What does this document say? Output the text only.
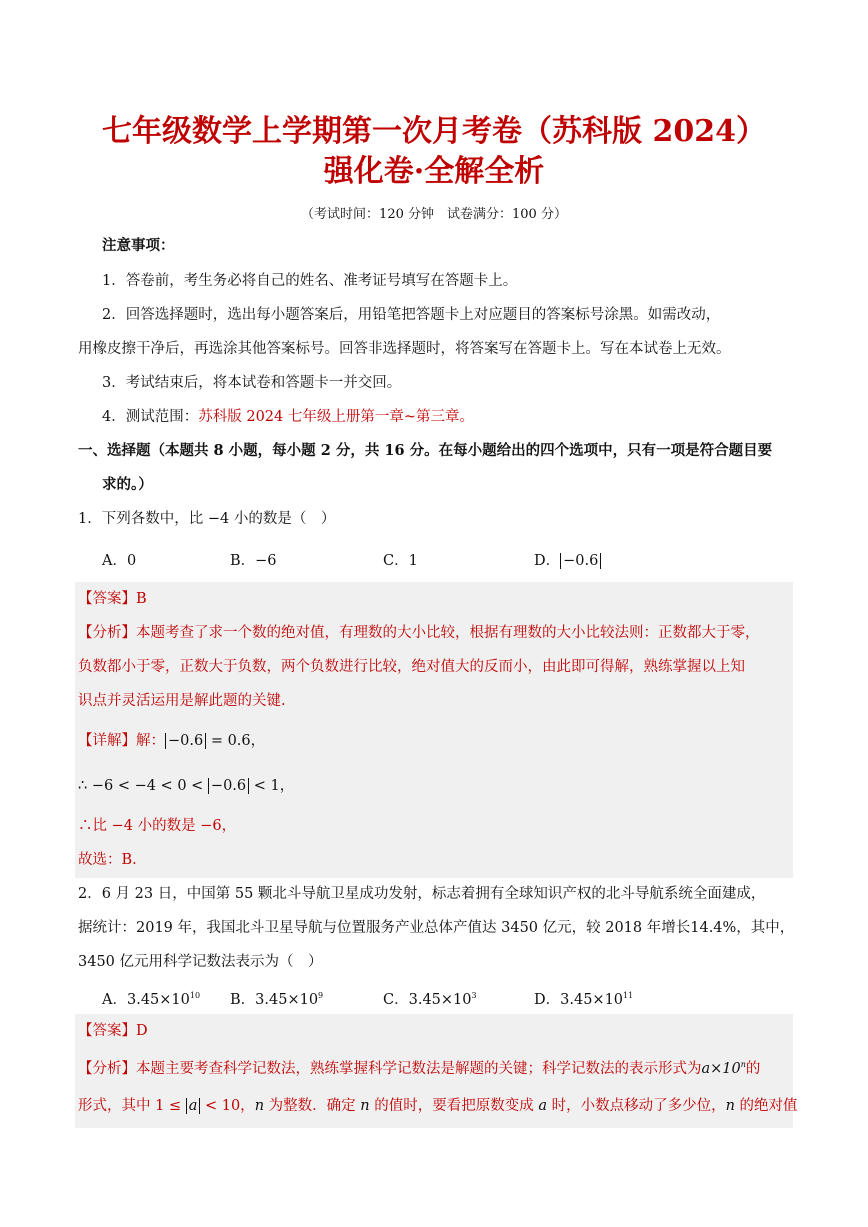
七年级数学上学期第一次月考卷（苏科版 2024）
强化卷·全解全析
（考试时间：120 分钟　试卷满分：100 分）
注意事项：
1．答卷前，考生务必将自己的姓名、准考证号填写在答题卡上。
2．回答选择题时，选出每小题答案后，用铅笔把答题卡上对应题目的答案标号涂黑。如需改动，
用橡皮擦干净后，再选涂其他答案标号。回答非选择题时，将答案写在答题卡上。写在本试卷上无效。
3．考试结束后，将本试卷和答题卡一并交回。
4．测试范围：苏科版 2024 七年级上册第一章~第三章。
一、选择题（本题共 8 小题，每小题 2 分，共 16 分。在每小题给出的四个选项中，只有一项是符合题目要
求的。）
1．下列各数中，比 −4 小的数是（　）
A．0	B．−6	C．1	D． −0.6
【答案】B
【分析】本题考查了求一个数的绝对值，有理数的大小比较，根据有理数的大小比较法则：正数都大于零，
负数都小于零，正数大于负数，两个负数进行比较，绝对值大的反而小，由此即可得解，熟练掌握以上知
识点并灵活运用是解此题的关键.
【详解】解： −0.6 = 0.6，
∴ −6 < −4 < 0 < −0.6 < 1，
∴比 −4 小的数是 −6，
故选：B.
2．6 月 23 日，中国第 55 颗北斗导航卫星成功发射，标志着拥有全球知识产权的北斗导航系统全面建成，
据统计：2019 年，我国北斗卫星导航与位置服务产业总体产值达 3450 亿元，较 2018 年增长14.4%，其中，
3450 亿元用科学记数法表示为（　）
A．$3.45\times 10^{10}$ B．$3.45\times 10^9$	C．$3.45\times 10^3$	D．$3.45\times 10^{11}$
【答案】D
【分析】本题主要考查科学记数法，熟练掌握科学记数法是解题的关键；科学记数法的表示形式为$a\times 10^n$的
形式，其中 1 ≤ a < 10，n 为整数．确定 n 的值时，要看把原数变成 a 时，小数点移动了多少位，n 的绝对值
